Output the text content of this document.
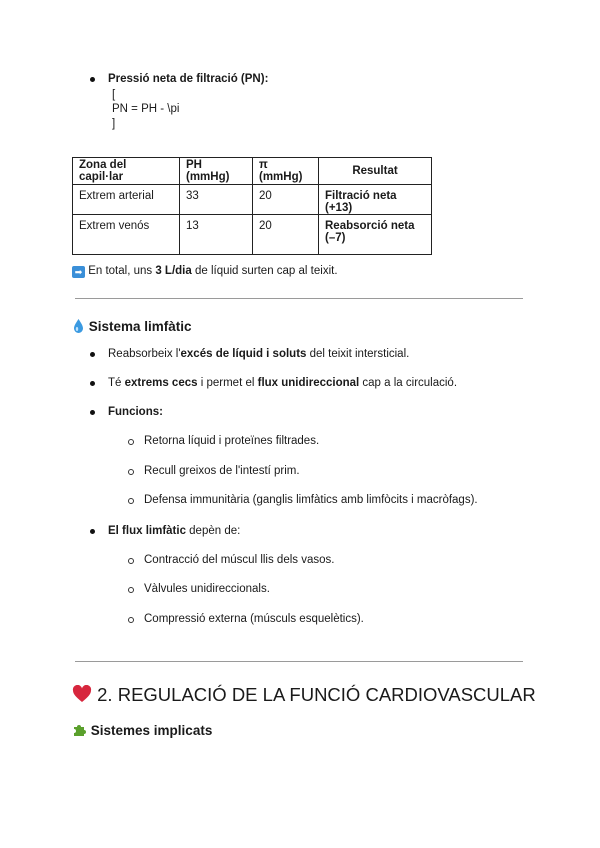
Pressió neta de filtració (PN):
[
PN = PH - \pi
]
Zona del capil·lar	PH (mmHg)	π (mmHg)	Resultat
Extrem arterial	33	20	Filtració neta (+13)
Extrem venós	13	20	Reabsorció neta (–7)
➡ En total, uns 3 L/dia de líquid surten cap al teixit.
Sistema limfàtic
Reabsorbeix l'excés de líquid i soluts del teixit intersticial.
Té extrems cecs i permet el flux unidireccional cap a la circulació.
Funcions:
Retorna líquid i proteïnes filtrades.
Recull greixos de l'intestí prim.
Defensa immunitària (ganglis limfàtics amb limfòcits i macròfags).
El flux limfàtic depèn de:
Contracció del múscul llis dels vasos.
Vàlvules unidireccionals.
Compressió externa (músculs esquelètics).
2. REGULACIÓ DE LA FUNCIÓ CARDIOVASCULAR
Sistemes implicats
